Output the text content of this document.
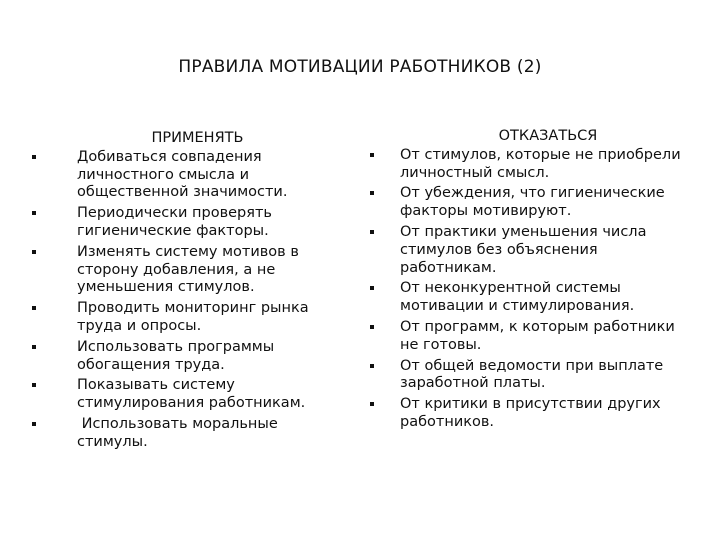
ПРАВИЛА МОТИВАЦИИ РАБОТНИКОВ (2)
ПРИМЕНЯТЬ
Добиваться совпадения личностного смысла и общественной значимости.
Периодически проверять гигиенические факторы.
Изменять систему мотивов в сторону добавления, а не уменьшения стимулов.
Проводить мониторинг рынка труда и опросы.
Использовать программы обогащения труда.
Показывать систему стимулирования работникам.
Использовать моральные стимулы.
ОТКАЗАТЬСЯ
От стимулов, которые не приобрели личностный смысл.
От убеждения, что гигиенические факторы мотивируют.
От практики уменьшения числа стимулов без объяснения работникам.
От неконкурентной системы мотивации и стимулирования.
От программ, к которым работники не готовы.
От общей ведомости при выплате заработной платы.
От критики в присутствии других работников.
